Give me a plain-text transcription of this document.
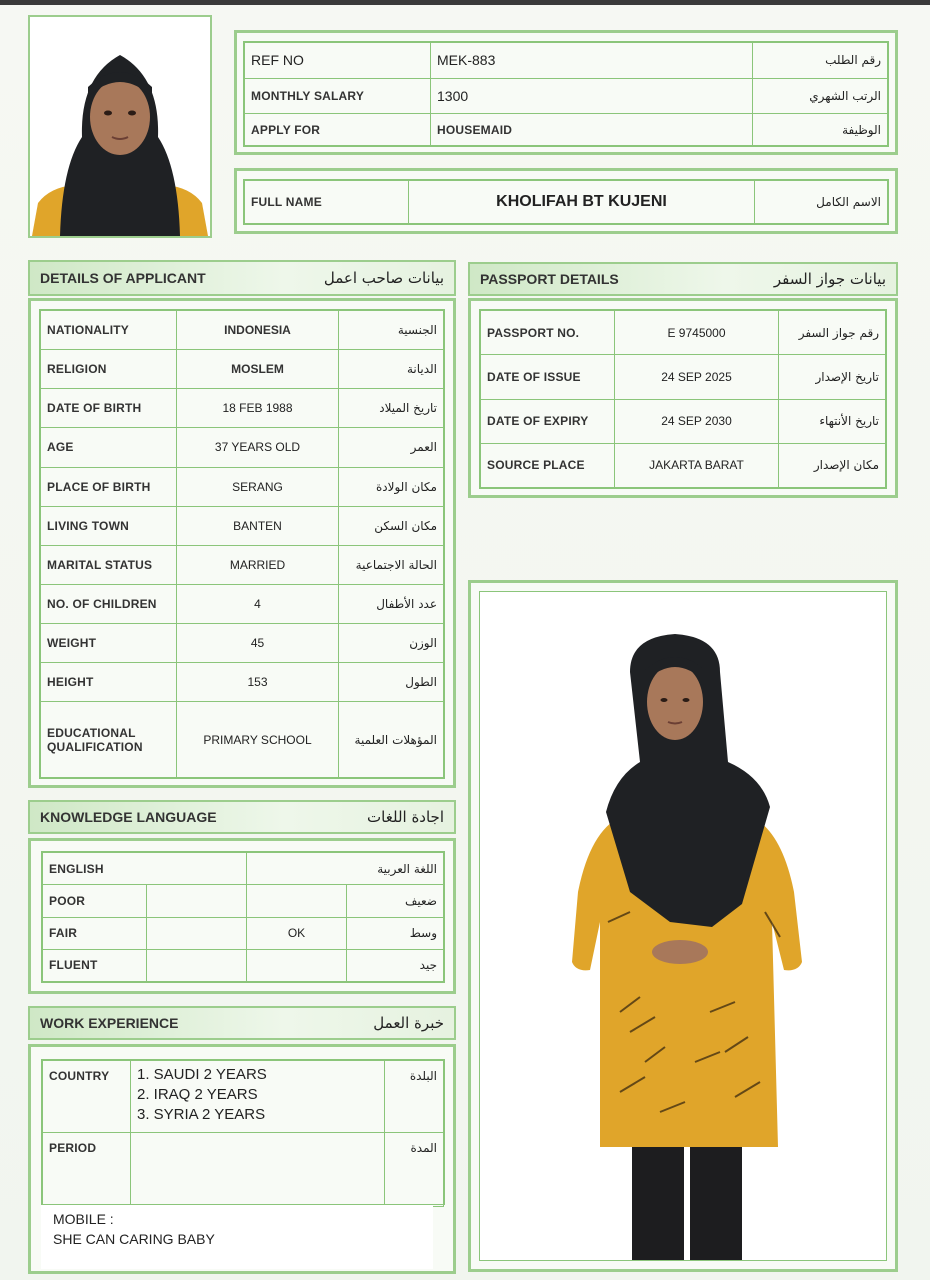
REF NO	MEK-883	رقم الطلب
MONTHLY SALARY	1300	الرتب الشهري
APPLY FOR	HOUSEMAID	الوظيفة
FULL NAME	KHOLIFAH BT KUJENI	الاسم الكامل
DETAILS OF APPLICANT	بيانات صاحب اعمل
NATIONALITY	INDONESIA	الجنسية
RELIGION	MOSLEM	الديانة
DATE OF BIRTH	18 FEB 1988	تاريخ الميلاد
AGE	37 YEARS OLD	العمر
PLACE OF BIRTH	SERANG	مكان الولادة
LIVING TOWN	BANTEN	مكان السكن
MARITAL STATUS	MARRIED	الحالة الاجتماعية
NO. OF CHILDREN	4	عدد الأطفال
WEIGHT	45	الوزن
HEIGHT	153	الطول
EDUCATIONAL QUALIFICATION	PRIMARY SCHOOL	المؤهلات العلمية
PASSPORT DETAILS	بيانات جواز السفر
PASSPORT NO.	E 9745000	رقم جواز السفر
DATE OF ISSUE	24 SEP 2025	تاريخ الإصدار
DATE OF EXPIRY	24 SEP 2030	تاريخ الأنتهاء
SOURCE PLACE	JAKARTA BARAT	مكان الإصدار
KNOWLEDGE LANGUAGE	اجادة اللغات
ENGLISH		اللغة العربية	
POOR			ضعيف
FAIR		OK	وسط
FLUENT			جيد
WORK EXPERIENCE	خبرة العمل
COUNTRY	1. SAUDI 2 YEARS
2. IRAQ 2 YEARS
3. SYRIA 2 YEARS	البلدة
PERIOD		المدة
MOBILE :
SHE CAN CARING BABY
